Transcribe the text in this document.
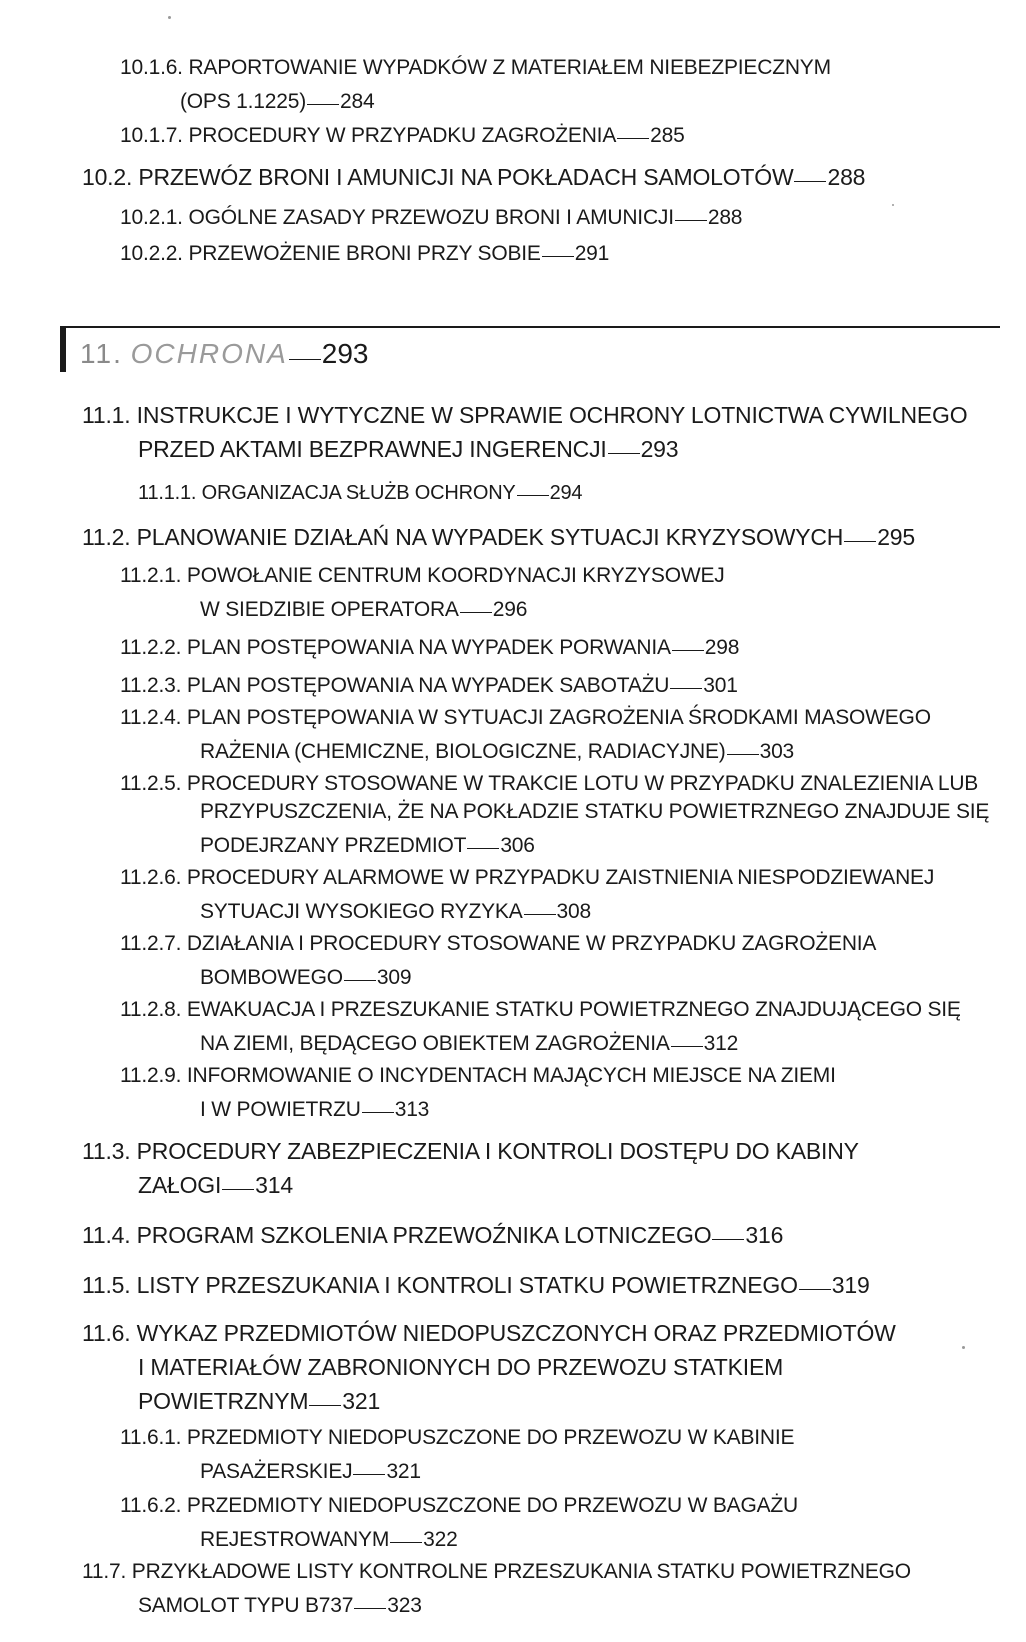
10.1.6. RAPORTOWANIE WYPADKÓW Z MATERIAŁEM NIEBEZPIECZNYM
(OPS 1.1225) 284
10.1.7. PROCEDURY W PRZYPADKU ZAGROŻENIA 285
10.2. PRZEWÓZ BRONI I AMUNICJI NA POKŁADACH SAMOLOTÓW 288
10.2.1. OGÓLNE ZASADY PRZEWOZU BRONI I AMUNICJI 288
10.2.2. PRZEWOŻENIE BRONI PRZY SOBIE 291
11. OCHRONA 293
11.1. INSTRUKCJE I WYTYCZNE W SPRAWIE OCHRONY LOTNICTWA CYWILNEGO
PRZED AKTAMI BEZPRAWNEJ INGERENCJI 293
11.1.1. ORGANIZACJA SŁUŻB OCHRONY 294
11.2. PLANOWANIE DZIAŁAŃ NA WYPADEK SYTUACJI KRYZYSOWYCH 295
11.2.1. POWOŁANIE CENTRUM KOORDYNACJI KRYZYSOWEJ
W SIEDZIBIE OPERATORA 296
11.2.2. PLAN POSTĘPOWANIA NA WYPADEK PORWANIA 298
11.2.3. PLAN POSTĘPOWANIA NA WYPADEK SABOTAŻU 301
11.2.4. PLAN POSTĘPOWANIA W SYTUACJI ZAGROŻENIA ŚRODKAMI MASOWEGO
RAŻENIA (CHEMICZNE, BIOLOGICZNE, RADIACYJNE) 303
11.2.5. PROCEDURY STOSOWANE W TRAKCIE LOTU W PRZYPADKU ZNALEZIENIA LUB
PRZYPUSZCZENIA, ŻE NA POKŁADZIE STATKU POWIETRZNEGO ZNAJDUJE SIĘ
PODEJRZANY PRZEDMIOT 306
11.2.6. PROCEDURY ALARMOWE W PRZYPADKU ZAISTNIENIA NIESPODZIEWANEJ
SYTUACJI WYSOKIEGO RYZYKA 308
11.2.7. DZIAŁANIA I PROCEDURY STOSOWANE W PRZYPADKU ZAGROŻENIA
BOMBOWEGO 309
11.2.8. EWAKUACJA I PRZESZUKANIE STATKU POWIETRZNEGO ZNAJDUJĄCEGO SIĘ
NA ZIEMI, BĘDĄCEGO OBIEKTEM ZAGROŻENIA 312
11.2.9. INFORMOWANIE O INCYDENTACH MAJĄCYCH MIEJSCE NA ZIEMI
I W POWIETRZU 313
11.3. PROCEDURY ZABEZPIECZENIA I KONTROLI DOSTĘPU DO KABINY
ZAŁOGI 314
11.4. PROGRAM SZKOLENIA PRZEWOŹNIKA LOTNICZEGO 316
11.5. LISTY PRZESZUKANIA I KONTROLI STATKU POWIETRZNEGO 319
11.6. WYKAZ PRZEDMIOTÓW NIEDOPUSZCZONYCH ORAZ PRZEDMIOTÓW
I MATERIAŁÓW ZABRONIONYCH DO PRZEWOZU STATKIEM
POWIETRZNYM 321
11.6.1. PRZEDMIOTY NIEDOPUSZCZONE DO PRZEWOZU W KABINIE
PASAŻERSKIEJ 321
11.6.2. PRZEDMIOTY NIEDOPUSZCZONE DO PRZEWOZU W BAGAŻU
REJESTROWANYM 322
11.7. PRZYKŁADOWE LISTY KONTROLNE PRZESZUKANIA STATKU POWIETRZNEGO
SAMOLOT TYPU B737 323
